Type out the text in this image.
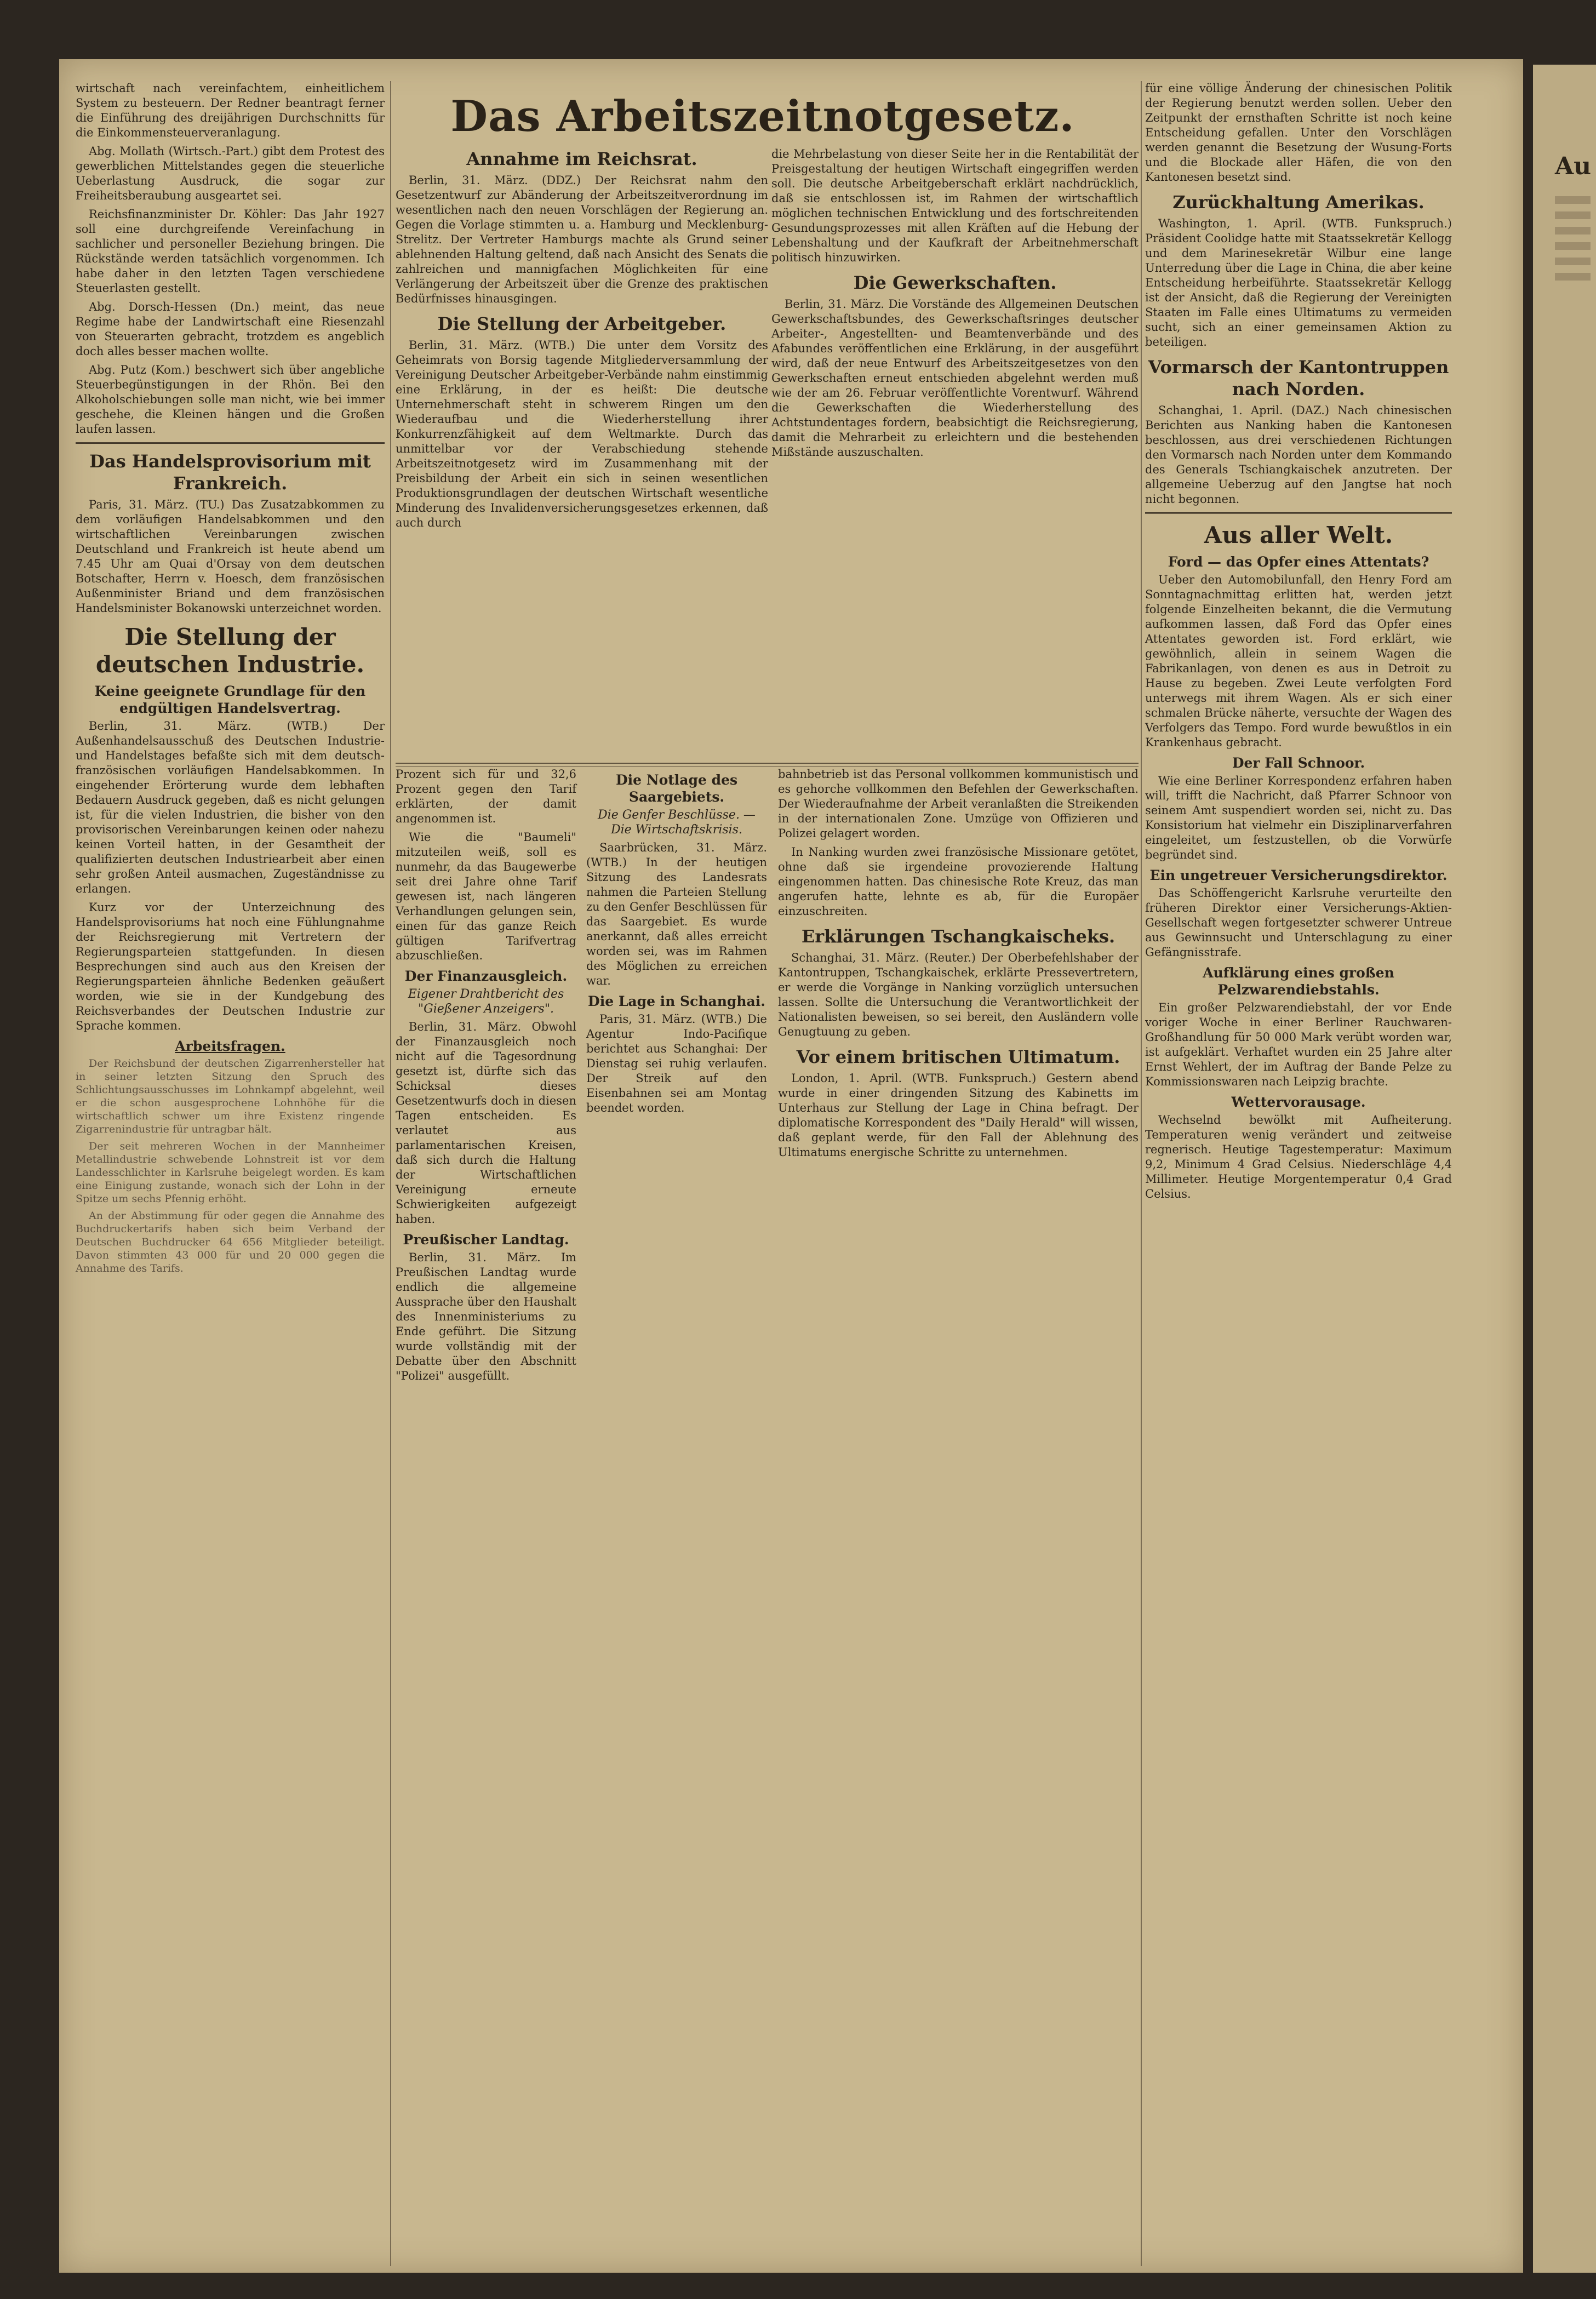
Au

wirtschaft nach vereinfachtem, einheitlichem System zu besteuern. Der Redner beantragt ferner die Einführung des dreijährigen Durchschnitts für die Einkommensteuerveranlagung.

Abg. Mollath (Wirtsch.-Part.) gibt dem Protest des gewerblichen Mittelstandes gegen die steuerliche Ueberlastung Ausdruck, die sogar zur Freiheitsberaubung ausgeartet sei.

Reichsfinanzminister Dr. Köhler: Das Jahr 1927 soll eine durchgreifende Vereinfachung in sachlicher und personeller Beziehung bringen. Die Rückstände werden tatsächlich vorgenommen. Ich habe daher in den letzten Tagen verschiedene Steuerlasten gestellt.

Abg. Dorsch-Hessen (Dn.) meint, das neue Regime habe der Landwirtschaft eine Riesenzahl von Steuerarten gebracht, trotzdem es angeblich doch alles besser machen wollte.

Abg. Putz (Kom.) beschwert sich über angebliche Steuerbegünstigungen in der Rhön. Bei den Alkoholschiebungen solle man nicht, wie bei immer geschehe, die Kleinen hängen und die Großen laufen lassen.

Das Handelsprovisorium mit Frankreich.

Paris, 31. März. (TU.) Das Zusatzabkommen zu dem vorläufigen Handelsabkommen und den wirtschaftlichen Vereinbarungen zwischen Deutschland und Frankreich ist heute abend um 7.45 Uhr am Quai d'Orsay von dem deutschen Botschafter, Herrn v. Hoesch, dem französischen Außenminister Briand und dem französischen Handelsminister Bokanowski unterzeichnet worden.

Die Stellung der deutschen Industrie.
Keine geeignete Grundlage für den endgültigen Handelsvertrag.

Berlin, 31. März. (WTB.) Der Außenhandelsausschuß des Deutschen Industrie- und Handelstages befaßte sich mit dem deutsch-französischen vorläufigen Handelsabkommen. In eingehender Erörterung wurde dem lebhaften Bedauern Ausdruck gegeben, daß es nicht gelungen ist, für die vielen Industrien, die bisher von den provisorischen Vereinbarungen keinen oder nahezu keinen Vorteil hatten, in der Gesamtheit der qualifizierten deutschen Industriearbeit aber einen sehr großen Anteil ausmachen, Zugeständnisse zu erlangen.

Kurz vor der Unterzeichnung des Handelsprovisoriums hat noch eine Fühlungnahme der Reichsregierung mit Vertretern der Regierungsparteien stattgefunden. In diesen Besprechungen sind auch aus den Kreisen der Regierungsparteien ähnliche Bedenken geäußert worden, wie sie in der Kundgebung des Reichsverbandes der Deutschen Industrie zur Sprache kommen.

Arbeitsfragen.

Der Reichsbund der deutschen Zigarrenhersteller hat in seiner letzten Sitzung den Spruch des Schlichtungsausschusses im Lohnkampf abgelehnt, weil er die schon ausgesprochene Lohnhöhe für die wirtschaftlich schwer um ihre Existenz ringende Zigarrenindustrie für untragbar hält.

Der seit mehreren Wochen in der Mannheimer Metallindustrie schwebende Lohnstreit ist vor dem Landesschlichter in Karlsruhe beigelegt worden. Es kam eine Einigung zustande, wonach sich der Lohn in der Spitze um sechs Pfennig erhöht.

An der Abstimmung für oder gegen die Annahme des Buchdruckertarifs haben sich beim Verband der Deutschen Buchdrucker 64 656 Mitglieder beteiligt. Davon stimmten 43 000 für und 20 000 gegen die Annahme des Tarifs.

Das Arbeitszeitnotgesetz.
Annahme im Reichsrat.

Berlin, 31. März. (DDZ.) Der Reichsrat nahm den Gesetzentwurf zur Abänderung der Arbeitszeitverordnung im wesentlichen nach den neuen Vorschlägen der Regierung an. Gegen die Vorlage stimmten u. a. Hamburg und Mecklenburg-Strelitz. Der Vertreter Hamburgs machte als Grund seiner ablehnenden Haltung geltend, daß nach Ansicht des Senats die zahlreichen und mannigfachen Möglichkeiten für eine Verlängerung der Arbeitszeit über die Grenze des praktischen Bedürfnisses hinausgingen.

Die Stellung der Arbeitgeber.

Berlin, 31. März. (WTB.) Die unter dem Vorsitz des Geheimrats von Borsig tagende Mitgliederversammlung der Vereinigung Deutscher Arbeitgeber-Verbände nahm einstimmig eine Erklärung, in der es heißt: Die deutsche Unternehmerschaft steht in schwerem Ringen um den Wiederaufbau und die Wiederherstellung ihrer Konkurrenzfähigkeit auf dem Weltmarkte. Durch das unmittelbar vor der Verabschiedung stehende Arbeitszeitnotgesetz wird im Zusammenhang mit der Preisbildung der Arbeit ein sich in seinen wesentlichen Produktionsgrundlagen der deutschen Wirtschaft wesentliche Minderung des Invalidenversicherungsgesetzes erkennen, daß auch durch

die Mehrbelastung von dieser Seite her in die Rentabilität der Preisgestaltung der heutigen Wirtschaft eingegriffen werden soll. Die deutsche Arbeitgeberschaft erklärt nachdrücklich, daß sie entschlossen ist, im Rahmen der wirtschaftlich möglichen technischen Entwicklung und des fortschreitenden Gesundungsprozesses mit allen Kräften auf die Hebung der Lebenshaltung und der Kaufkraft der Arbeitnehmerschaft politisch hinzuwirken.

Die Gewerkschaften.

Berlin, 31. März. Die Vorstände des Allgemeinen Deutschen Gewerkschaftsbundes, des Gewerkschaftsringes deutscher Arbeiter-, Angestellten- und Beamtenverbände und des Afabundes veröffentlichen eine Erklärung, in der ausgeführt wird, daß der neue Entwurf des Arbeitszeitgesetzes von den Gewerkschaften erneut entschieden abgelehnt werden muß wie der am 26. Februar veröffentlichte Vorentwurf. Während die Gewerkschaften die Wiederherstellung des Achtstundentages fordern, beabsichtigt die Reichsregierung, damit die Mehrarbeit zu erleichtern und die bestehenden Mißstände auszuschalten.

Prozent sich für und 32,6 Prozent gegen den Tarif erklärten, der damit angenommen ist.

Wie die "Baumeli" mitzuteilen weiß, soll es nunmehr, da das Baugewerbe seit drei Jahre ohne Tarif gewesen ist, nach längeren Verhandlungen gelungen sein, einen für das ganze Reich gültigen Tarifvertrag abzuschließen.

Der Finanzausgleich.
Eigener Drahtbericht des "Gießener Anzeigers".

Berlin, 31. März. Obwohl der Finanzausgleich noch nicht auf die Tagesordnung gesetzt ist, dürfte sich das Schicksal dieses Gesetzentwurfs doch in diesen Tagen entscheiden. Es verlautet aus parlamentarischen Kreisen, daß sich durch die Haltung der Wirtschaftlichen Vereinigung erneute Schwierigkeiten aufgezeigt haben.

Preußischer Landtag.

Berlin, 31. März. Im Preußischen Landtag wurde endlich die allgemeine Aussprache über den Haushalt des Innenministeriums zu Ende geführt. Die Sitzung wurde vollständig mit der Debatte über den Abschnitt "Polizei" ausgefüllt.

Die Notlage des Saargebiets.
Die Genfer Beschlüsse. — Die Wirtschaftskrisis.

Saarbrücken, 31. März. (WTB.) In der heutigen Sitzung des Landesrats nahmen die Parteien Stellung zu den Genfer Beschlüssen für das Saargebiet. Es wurde anerkannt, daß alles erreicht worden sei, was im Rahmen des Möglichen zu erreichen war.

Die Lage in Schanghai.

Paris, 31. März. (WTB.) Die Agentur Indo-Pacifique berichtet aus Schanghai: Der Dienstag sei ruhig verlaufen. Der Streik auf den Eisenbahnen sei am Montag beendet worden.

bahnbetrieb ist das Personal vollkommen kommunistisch und es gehorche vollkommen den Befehlen der Gewerkschaften. Der Wiederaufnahme der Arbeit veranlaßten die Streikenden in der internationalen Zone. Umzüge von Offizieren und Polizei gelagert worden.

In Nanking wurden zwei französische Missionare getötet, ohne daß sie irgendeine provozierende Haltung eingenommen hatten. Das chinesische Rote Kreuz, das man angerufen hatte, lehnte es ab, für die Europäer einzuschreiten.

Erklärungen Tschangkaischeks.

Schanghai, 31. März. (Reuter.) Der Oberbefehlshaber der Kantontruppen, Tschangkaischek, erklärte Pressevertretern, er werde die Vorgänge in Nanking vorzüglich untersuchen lassen. Sollte die Untersuchung die Verantwortlichkeit der Nationalisten beweisen, so sei bereit, den Ausländern volle Genugtuung zu geben.

Vor einem britischen Ultimatum.

London, 1. April. (WTB. Funkspruch.) Gestern abend wurde in einer dringenden Sitzung des Kabinetts im Unterhaus zur Stellung der Lage in China befragt. Der diplomatische Korrespondent des "Daily Herald" will wissen, daß geplant werde, für den Fall der Ablehnung des Ultimatums energische Schritte zu unternehmen.

für eine völlige Änderung der chinesischen Politik der Regierung benutzt werden sollen. Ueber den Zeitpunkt der ernsthaften Schritte ist noch keine Entscheidung gefallen. Unter den Vorschlägen werden genannt die Besetzung der Wusung-Forts und die Blockade aller Häfen, die von den Kantonesen besetzt sind.

Zurückhaltung Amerikas.

Washington, 1. April. (WTB. Funkspruch.) Präsident Coolidge hatte mit Staatssekretär Kellogg und dem Marinesekretär Wilbur eine lange Unterredung über die Lage in China, die aber keine Entscheidung herbeiführte. Staatssekretär Kellogg ist der Ansicht, daß die Regierung der Vereinigten Staaten im Falle eines Ultimatums zu vermeiden sucht, sich an einer gemeinsamen Aktion zu beteiligen.

Vormarsch der Kantontruppen nach Norden.

Schanghai, 1. April. (DAZ.) Nach chinesischen Berichten aus Nanking haben die Kantonesen beschlossen, aus drei verschiedenen Richtungen den Vormarsch nach Norden unter dem Kommando des Generals Tschiangkaischek anzutreten. Der allgemeine Ueberzug auf den Jangtse hat noch nicht begonnen.

Aus aller Welt.
Ford — das Opfer eines Attentats?

Ueber den Automobilunfall, den Henry Ford am Sonntagnachmittag erlitten hat, werden jetzt folgende Einzelheiten bekannt, die die Vermutung aufkommen lassen, daß Ford das Opfer eines Attentates geworden ist. Ford erklärt, wie gewöhnlich, allein in seinem Wagen die Fabrikanlagen, von denen es aus in Detroit zu Hause zu begeben. Zwei Leute verfolgten Ford unterwegs mit ihrem Wagen. Als er sich einer schmalen Brücke näherte, versuchte der Wagen des Verfolgers das Tempo. Ford wurde bewußtlos in ein Krankenhaus gebracht.

Der Fall Schnoor.

Wie eine Berliner Korrespondenz erfahren haben will, trifft die Nachricht, daß Pfarrer Schnoor von seinem Amt suspendiert worden sei, nicht zu. Das Konsistorium hat vielmehr ein Disziplinarverfahren eingeleitet, um festzustellen, ob die Vorwürfe begründet sind.

Ein ungetreuer Versicherungsdirektor.

Das Schöffengericht Karlsruhe verurteilte den früheren Direktor einer Versicherungs-Aktien-Gesellschaft wegen fortgesetzter schwerer Untreue aus Gewinnsucht und Unterschlagung zu einer Gefängnisstrafe.

Aufklärung eines großen Pelzwarendiebstahls.

Ein großer Pelzwarendiebstahl, der vor Ende voriger Woche in einer Berliner Rauchwaren-Großhandlung für 50 000 Mark verübt worden war, ist aufgeklärt. Verhaftet wurden ein 25 Jahre alter Ernst Wehlert, der im Auftrag der Bande Pelze zu Kommissionswaren nach Leipzig brachte.

Wettervorausage.

Wechselnd bewölkt mit Aufheiterung. Temperaturen wenig verändert und zeitweise regnerisch. Heutige Tagestemperatur: Maximum 9,2, Minimum 4 Grad Celsius. Niederschläge 4,4 Millimeter. Heutige Morgentemperatur 0,4 Grad Celsius.
